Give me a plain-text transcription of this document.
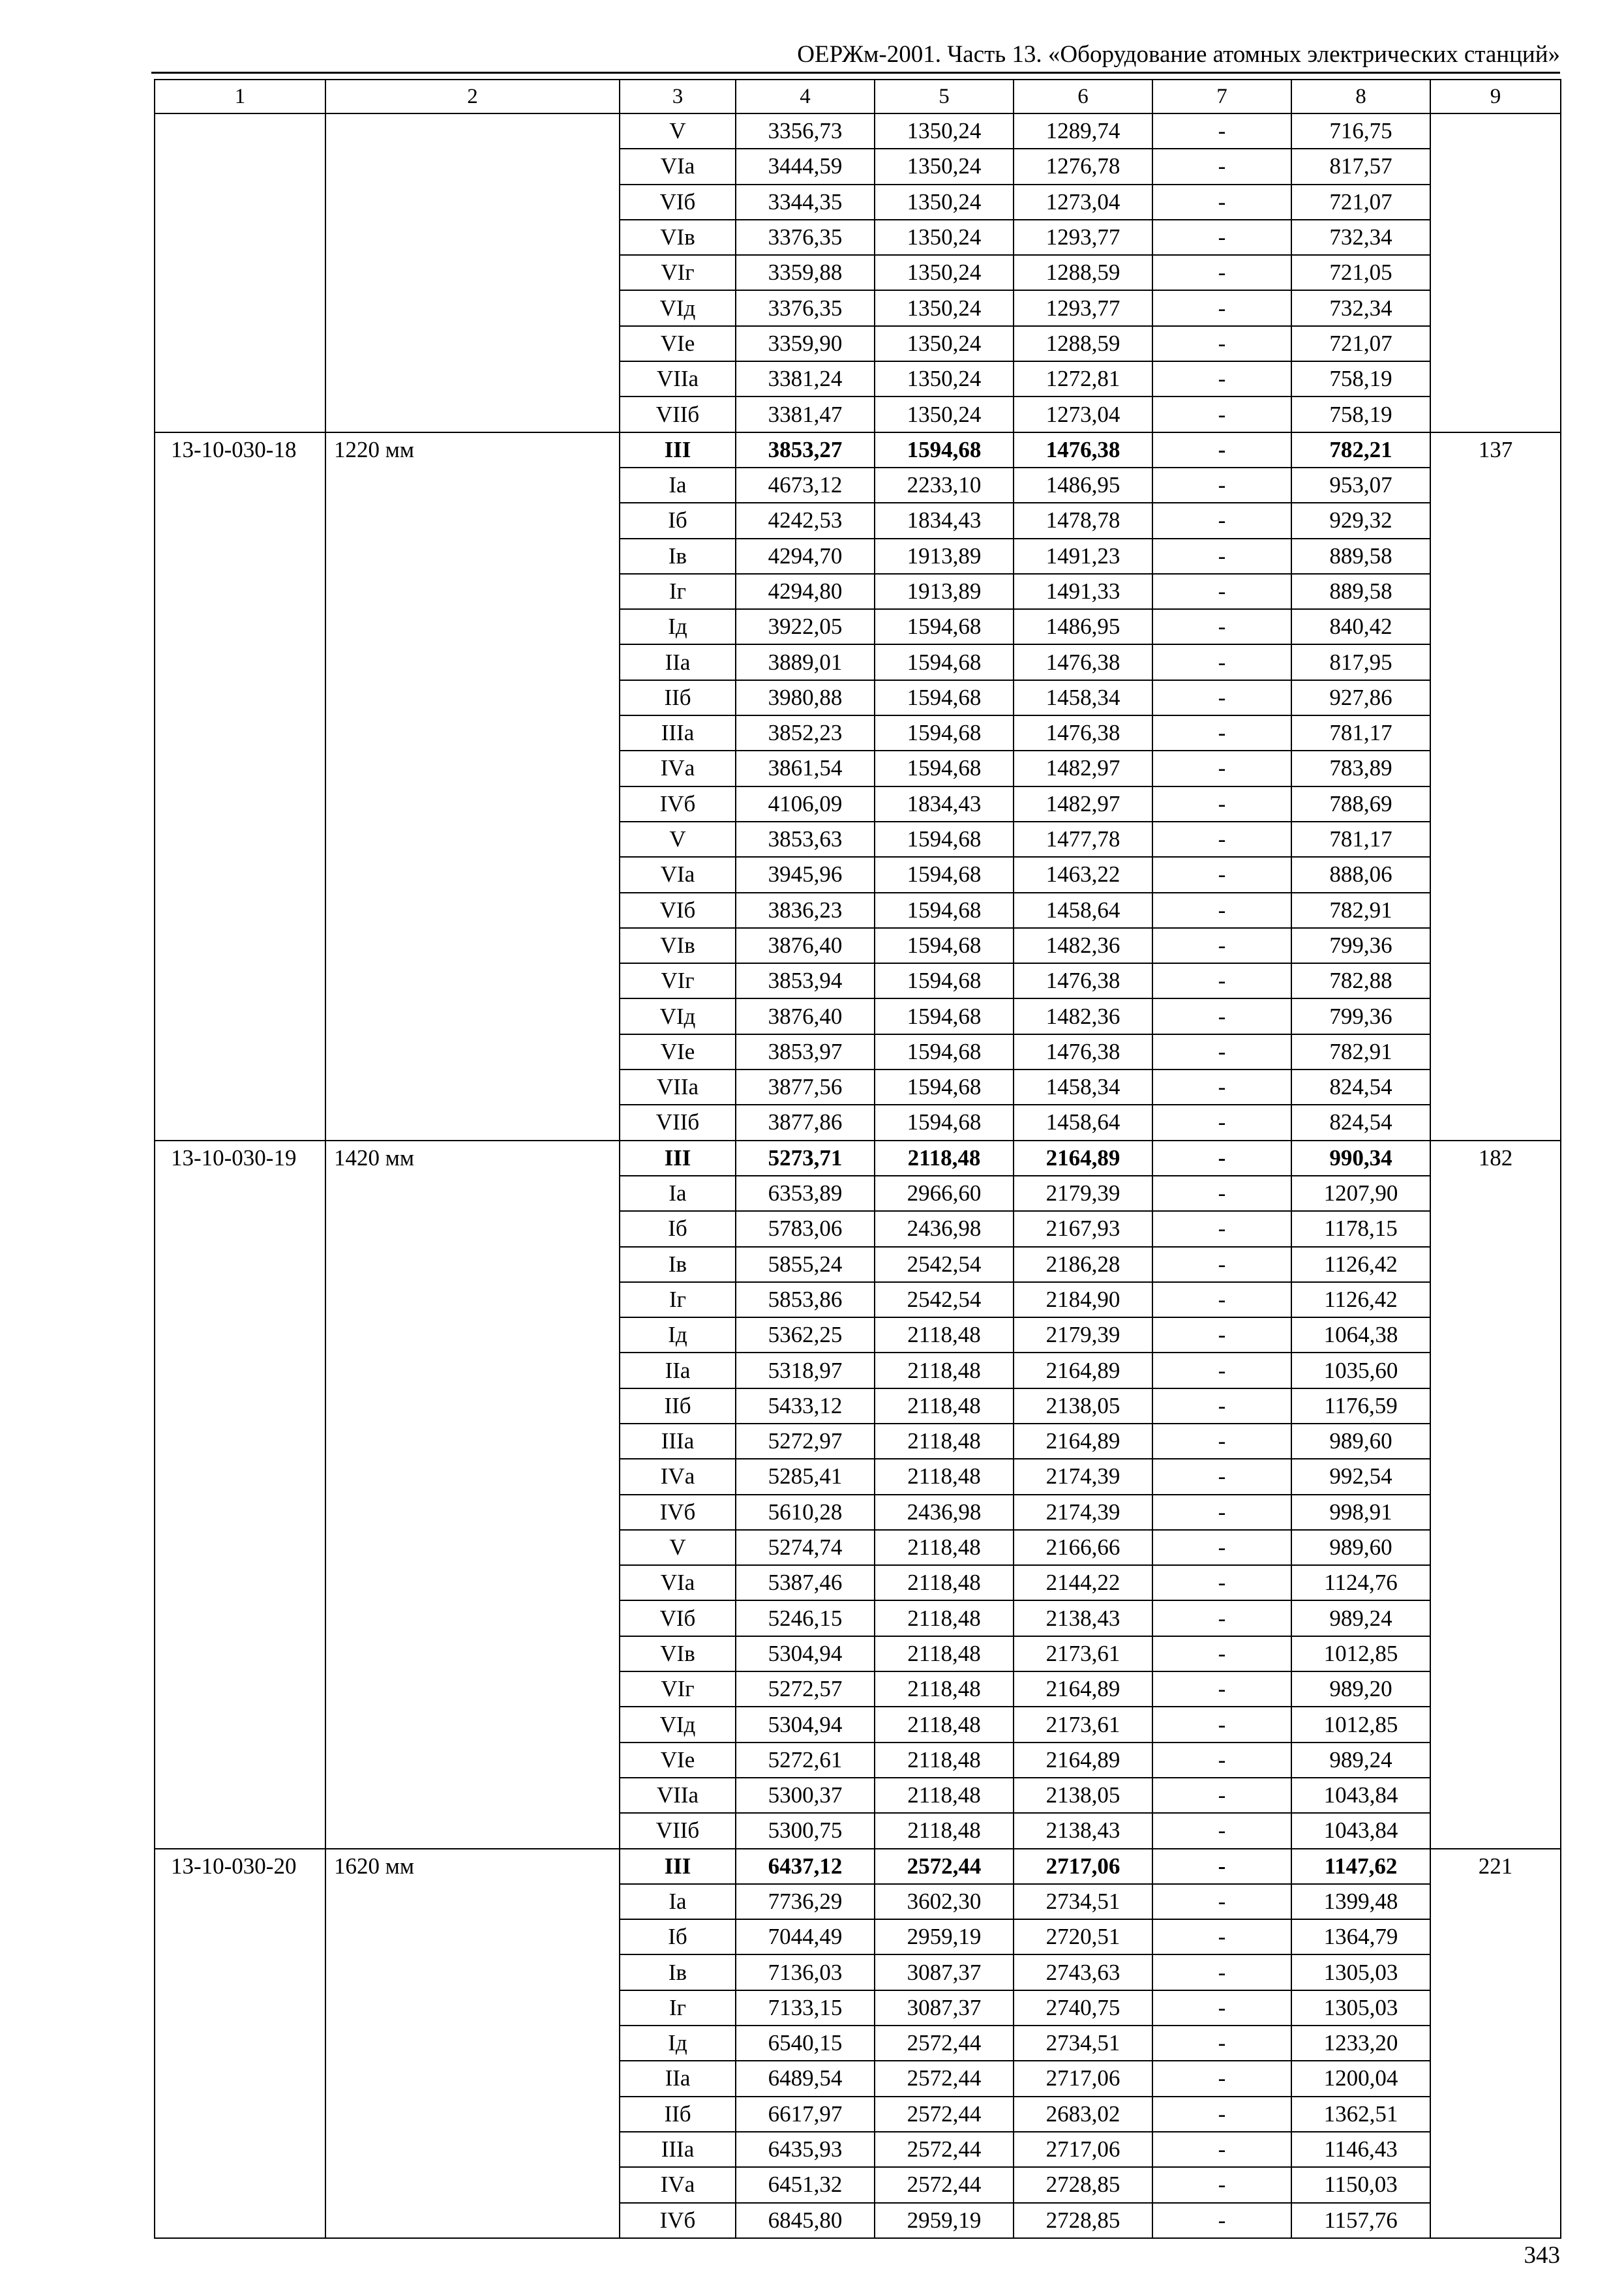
ОЕРЖм-2001. Часть 13. «Оборудование атомных электрических станций»
1	2	3	4	5	6	7	8	9
		V	3356,73	1350,24	1289,74	-	716,75	
		VIа	3444,59	1350,24	1276,78	-	817,57	
		VIб	3344,35	1350,24	1273,04	-	721,07	
		VIв	3376,35	1350,24	1293,77	-	732,34	
		VIг	3359,88	1350,24	1288,59	-	721,05	
		VIд	3376,35	1350,24	1293,77	-	732,34	
		VIе	3359,90	1350,24	1288,59	-	721,07	
		VIIа	3381,24	1350,24	1272,81	-	758,19	
		VIIб	3381,47	1350,24	1273,04	-	758,19	
13-10-030-18	1220 мм	III	3853,27	1594,68	1476,38	-	782,21	137
		Iа	4673,12	2233,10	1486,95	-	953,07	
		Iб	4242,53	1834,43	1478,78	-	929,32	
		Iв	4294,70	1913,89	1491,23	-	889,58	
		Iг	4294,80	1913,89	1491,33	-	889,58	
		Iд	3922,05	1594,68	1486,95	-	840,42	
		IIа	3889,01	1594,68	1476,38	-	817,95	
		IIб	3980,88	1594,68	1458,34	-	927,86	
		IIIа	3852,23	1594,68	1476,38	-	781,17	
		IVа	3861,54	1594,68	1482,97	-	783,89	
		IVб	4106,09	1834,43	1482,97	-	788,69	
		V	3853,63	1594,68	1477,78	-	781,17	
		VIа	3945,96	1594,68	1463,22	-	888,06	
		VIб	3836,23	1594,68	1458,64	-	782,91	
		VIв	3876,40	1594,68	1482,36	-	799,36	
		VIг	3853,94	1594,68	1476,38	-	782,88	
		VIд	3876,40	1594,68	1482,36	-	799,36	
		VIе	3853,97	1594,68	1476,38	-	782,91	
		VIIа	3877,56	1594,68	1458,34	-	824,54	
		VIIб	3877,86	1594,68	1458,64	-	824,54	
13-10-030-19	1420 мм	III	5273,71	2118,48	2164,89	-	990,34	182
		Iа	6353,89	2966,60	2179,39	-	1207,90	
		Iб	5783,06	2436,98	2167,93	-	1178,15	
		Iв	5855,24	2542,54	2186,28	-	1126,42	
		Iг	5853,86	2542,54	2184,90	-	1126,42	
		Iд	5362,25	2118,48	2179,39	-	1064,38	
		IIа	5318,97	2118,48	2164,89	-	1035,60	
		IIб	5433,12	2118,48	2138,05	-	1176,59	
		IIIа	5272,97	2118,48	2164,89	-	989,60	
		IVа	5285,41	2118,48	2174,39	-	992,54	
		IVб	5610,28	2436,98	2174,39	-	998,91	
		V	5274,74	2118,48	2166,66	-	989,60	
		VIа	5387,46	2118,48	2144,22	-	1124,76	
		VIб	5246,15	2118,48	2138,43	-	989,24	
		VIв	5304,94	2118,48	2173,61	-	1012,85	
		VIг	5272,57	2118,48	2164,89	-	989,20	
		VIд	5304,94	2118,48	2173,61	-	1012,85	
		VIе	5272,61	2118,48	2164,89	-	989,24	
		VIIа	5300,37	2118,48	2138,05	-	1043,84	
		VIIб	5300,75	2118,48	2138,43	-	1043,84	
13-10-030-20	1620 мм	III	6437,12	2572,44	2717,06	-	1147,62	221
		Iа	7736,29	3602,30	2734,51	-	1399,48	
		Iб	7044,49	2959,19	2720,51	-	1364,79	
		Iв	7136,03	3087,37	2743,63	-	1305,03	
		Iг	7133,15	3087,37	2740,75	-	1305,03	
		Iд	6540,15	2572,44	2734,51	-	1233,20	
		IIа	6489,54	2572,44	2717,06	-	1200,04	
		IIб	6617,97	2572,44	2683,02	-	1362,51	
		IIIа	6435,93	2572,44	2717,06	-	1146,43	
		IVа	6451,32	2572,44	2728,85	-	1150,03	
		IVб	6845,80	2959,19	2728,85	-	1157,76	
343
